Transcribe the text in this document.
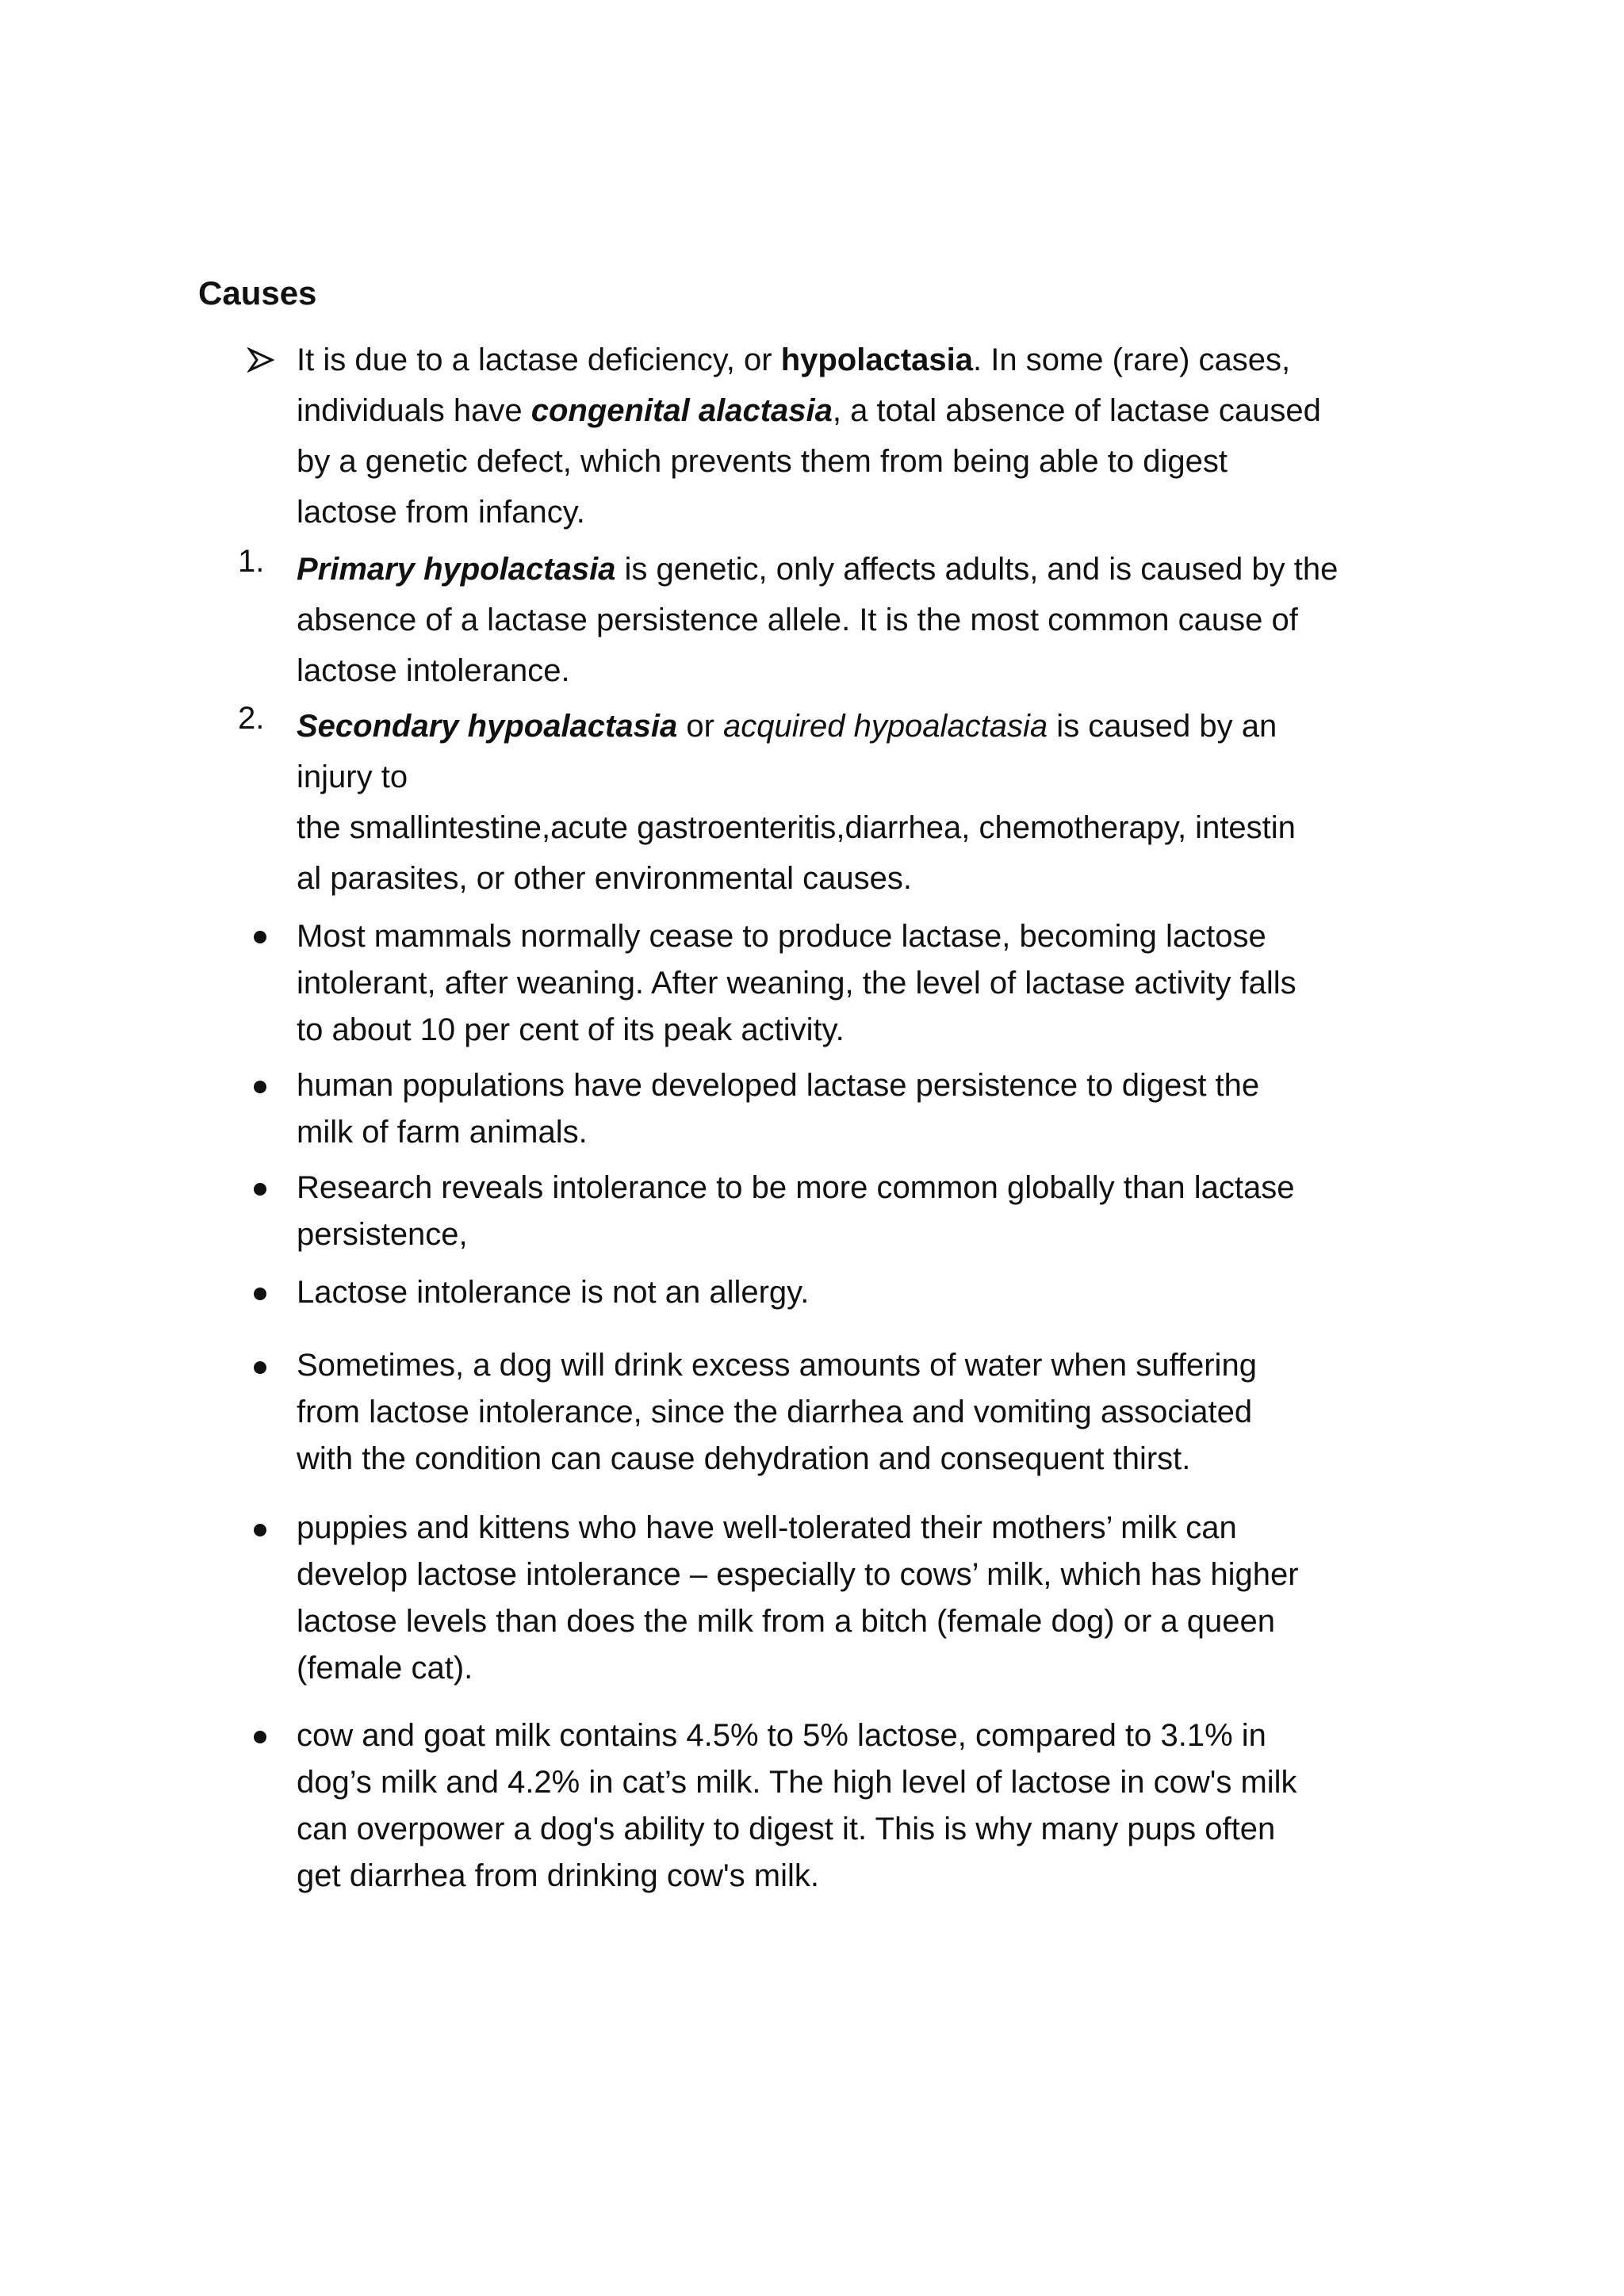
Causes
It is due to a lactase deficiency, or hypolactasia. In some (rare) cases,
individuals have congenital alactasia, a total absence of lactase caused
by a genetic defect, which prevents them from being able to digest
lactose from infancy.
1.	Primary hypolactasia is genetic, only affects adults, and is caused by the
absence of a lactase persistence allele. It is the most common cause of
lactose intolerance.
2.	Secondary hypoalactasia or acquired hypoalactasia is caused by an
injury to
the smallintestine,acute gastroenteritis,diarrhea, chemotherapy, intestin
al parasites, or other environmental causes.
Most mammals normally cease to produce lactase, becoming lactose
intolerant, after weaning. After weaning, the level of lactase activity falls
to about 10 per cent of its peak activity.
human populations have developed lactase persistence to digest the
milk of farm animals.
Research reveals intolerance to be more common globally than lactase
persistence,
Lactose intolerance is not an allergy.
Sometimes, a dog will drink excess amounts of water when suffering
from lactose intolerance, since the diarrhea and vomiting associated
with the condition can cause dehydration and consequent thirst.
puppies and kittens who have well-tolerated their mothers’ milk can
develop lactose intolerance – especially to cows’ milk, which has higher
lactose levels than does the milk from a bitch (female dog) or a queen
(female cat).
cow and goat milk contains 4.5% to 5% lactose, compared to 3.1% in
dog’s milk and 4.2% in cat’s milk. The high level of lactose in cow's milk
can overpower a dog's ability to digest it. This is why many pups often
get diarrhea from drinking cow's milk.
